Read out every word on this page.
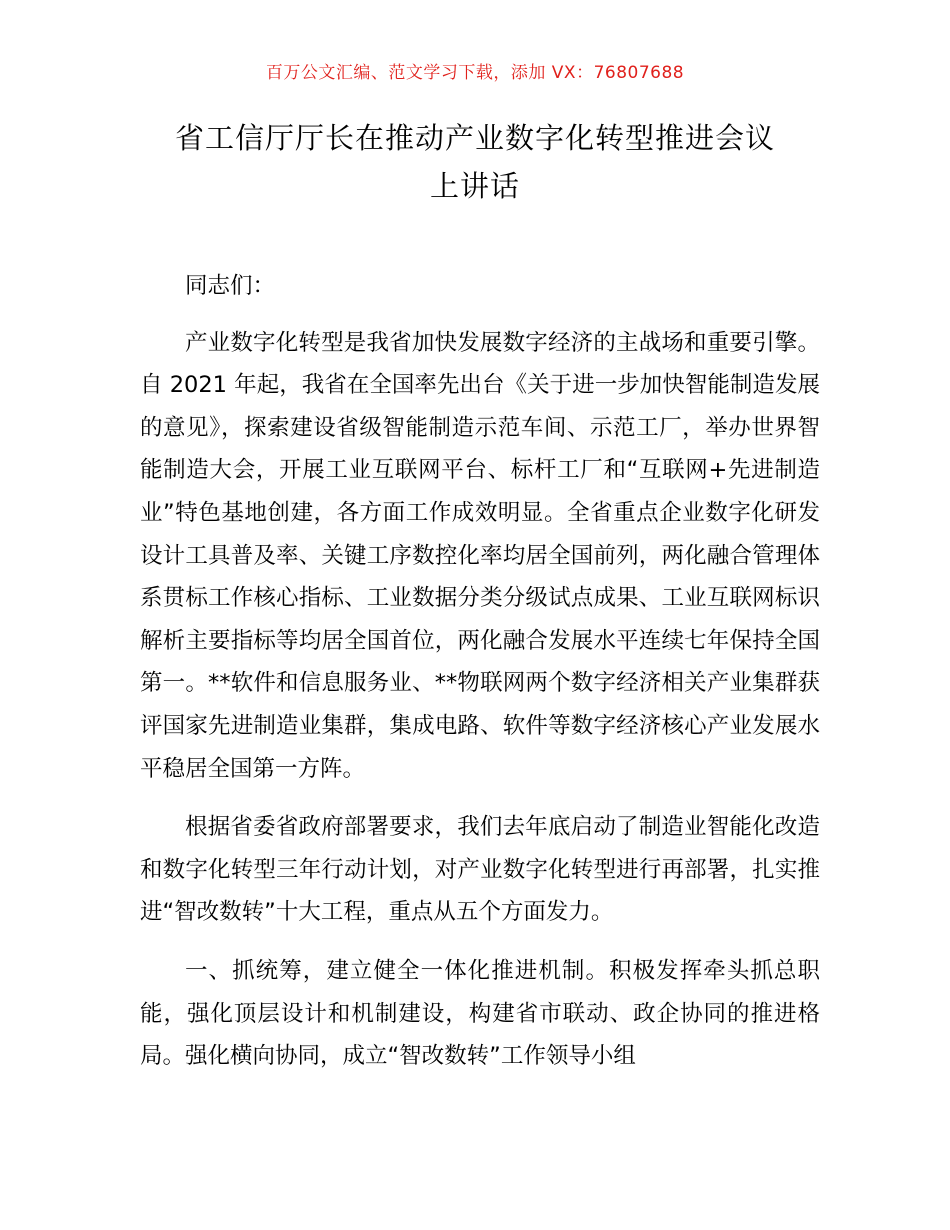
百万公文汇编、范文学习下载，添加 VX：76807688
省工信厅厅长在推动产业数字化转型推进会议
上讲话

同志们：

产业数字化转型是我省加快发展数字经济的主战场和重要引擎。自 2021 年起，我省在全国率先出台《关于进一步加快智能制造发展的意见》，探索建设省级智能制造示范车间、示范工厂，举办世界智能制造大会，开展工业互联网平台、标杆工厂和“互联网+先进制造业”特色基地创建，各方面工作成效明显。全省重点企业数字化研发设计工具普及率、关键工序数控化率均居全国前列，两化融合管理体系贯标工作核心指标、工业数据分类分级试点成果、工业互联网标识解析主要指标等均居全国首位，两化融合发展水平连续七年保持全国第一。**软件和信息服务业、**物联网两个数字经济相关产业集群获评国家先进制造业集群，集成电路、软件等数字经济核心产业发展水平稳居全国第一方阵。

根据省委省政府部署要求，我们去年底启动了制造业智能化改造和数字化转型三年行动计划，对产业数字化转型进行再部署，扎实推进“智改数转”十大工程，重点从五个方面发力。

一、抓统筹，建立健全一体化推进机制。积极发挥牵头抓总职能，强化顶层设计和机制建设，构建省市联动、政企协同的推进格局。强化横向协同，成立“智改数转”工作领导小组
